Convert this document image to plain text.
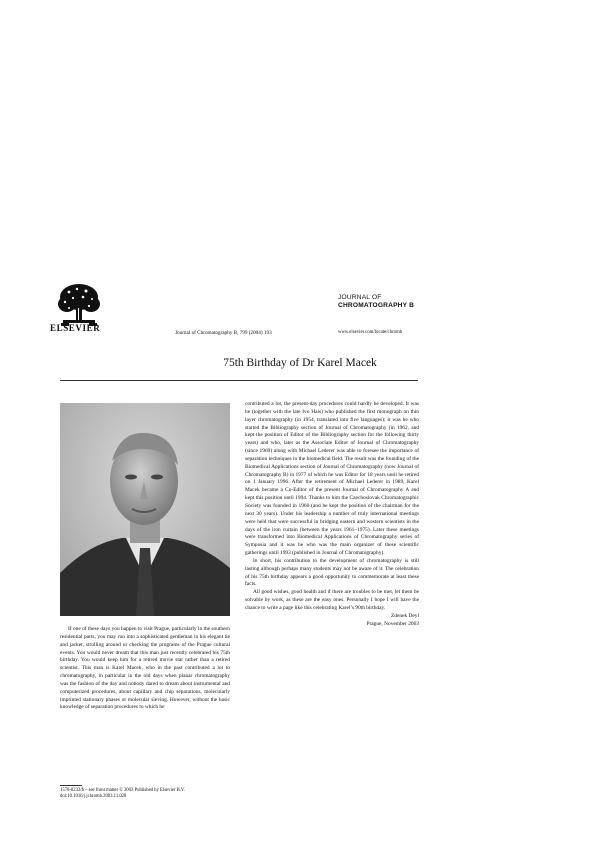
ELSEVIER	Journal of Chromatography B, 799 (2004) 193
JOURNAL OF
CHROMATOGRAPHY B
www.elsevier.com/locate/chromb
75th Birthday of Dr Karel Macek

If one of these days you happen to visit Prague, particularly in the southern residential parts, you may run into a sophisticated gentleman in his elegant tie and jacket, strolling around or checking the programs of the Prague cultural events. You would never dream that this man just recently celebrated his 75th birthday. You would keep him for a retired movie star rather than a retired scientist. This man is Karel Macek, who in the past contributed a lot to chromatography, in particular in the old days when planar chromatography was the fashion of the day and nobody dared to dream about instrumental and computerized procedures, about capillary and chip separations, molecularly imprinted stationary phases or molecular sieving. However, without the basic knowledge of separation procedures to which he

contributed a lot, the present-day procedures could hardly be developed. It was he (together with the late Ivo Hais) who published the first monograph on thin layer chromatography (in 1954, translated into five languages); it was he who started the Bibliography section of Journal of Chromatography (in 1962, and kept the position of Editor of the Bibliography section for the following thirty years) and who, later as the Associate Editor of Journal of Chromatography (since 1969) along with Michael Lederer was able to foresee the importance of separation techniques in the biomedical field. The result was the founding of the Biomedical Applications section of Journal of Chromatography (now Journal of Chromatography B) in 1977 of which he was Editor for 18 years until he retired on 1 January 1996. After the retirement of Michael Lederer in 1989, Karel Macek became a Co-Editor of the present Journal of Chromatography A and kept this position until 1994. Thanks to him the Czechoslovak Chromatographic Society was founded in 1960 (and he kept the position of the chairman for the next 30 years). Under his leadership a number of truly international meetings were held that were successful in bridging eastern and western scientists in the days of the iron curtain (between the years 1961–1975). Later these meetings were transformed into Biomedical Applications of Chromatography series of Symposia and it was he who was the main organizer of these scientific gatherings until 1993 (published in Journal of Chromatography).

In short, his contribution to the development of chromatography is still lasting although perhaps many students may not be aware of it. The celebration of his 75th birthday appears a good opportunity to commemorate at least these facts.

All good wishes, good health and if there are troubles to be met, let them be solvable by work, as these are the easy ones. Personally I hope I will have the chance to write a page like this celebrating Karel’s 90th birthday.

Zdenek Deyl

Prague, November 2003

1570-0232/$ – see front matter © 2003 Published by Elsevier B.V.
doi:10.1016/j.jchromb.2003.11.028
